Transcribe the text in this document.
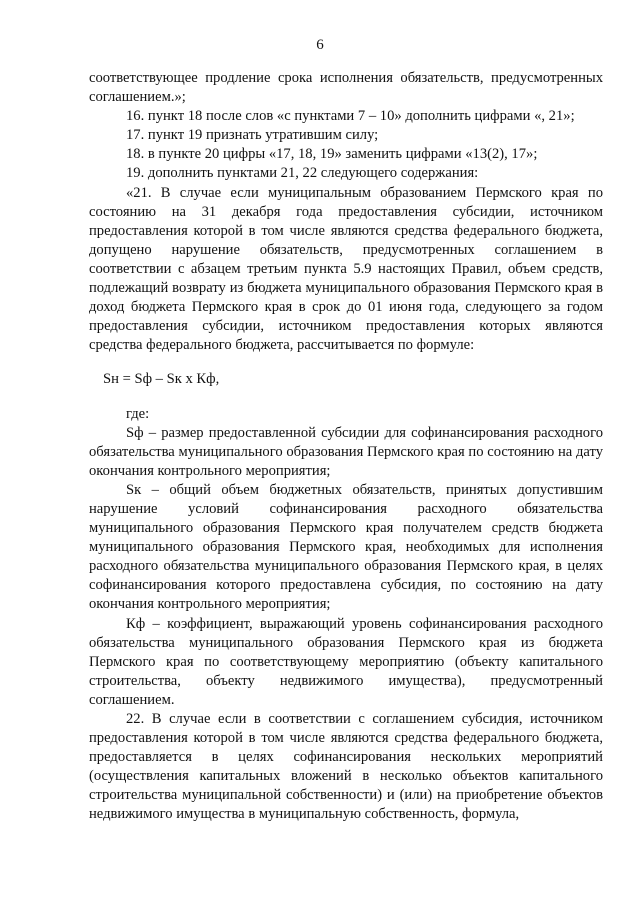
6

соответствующее продление срока исполнения обязательств, предусмотренных соглашением.»;

16. пункт 18 после слов «с пунктами 7 – 10» дополнить цифрами «, 21»;

17. пункт 19 признать утратившим силу;

18. в пункте 20 цифры «17, 18, 19» заменить цифрами «13(2), 17»;

19. дополнить пунктами 21, 22 следующего содержания:

«21. В случае если муниципальным образованием Пермского края по состоянию на 31 декабря года предоставления субсидии, источником предоставления которой в том числе являются средства федерального бюджета, допущено нарушение обязательств, предусмотренных соглашением в соответствии с абзацем третьим пункта 5.9 настоящих Правил, объем средств, подлежащий возврату из бюджета муниципального образования Пермского края в доход бюджета Пермского края в срок до 01 июня года, следующего за годом предоставления субсидии, источником предоставления которых являются средства федерального бюджета, рассчитывается по формуле:

Sн = Sф – Sк х Кф,

где:

Sф – размер предоставленной субсидии для софинансирования расходного обязательства муниципального образования Пермского края по состоянию на дату окончания контрольного мероприятия;

Sк – общий объем бюджетных обязательств, принятых допустившим нарушение условий софинансирования расходного обязательства муниципального образования Пермского края получателем средств бюджета муниципального образования Пермского края, необходимых для исполнения расходного обязательства муниципального образования Пермского края, в целях софинансирования которого предоставлена субсидия, по состоянию на дату окончания контрольного мероприятия;

Кф – коэффициент, выражающий уровень софинансирования расходного обязательства муниципального образования Пермского края из бюджета Пермского края по соответствующему мероприятию (объекту капитального строительства, объекту недвижимого имущества), предусмотренный соглашением.

22. В случае если в соответствии с соглашением субсидия, источником предоставления которой в том числе являются средства федерального бюджета, предоставляется в целях софинансирования нескольких мероприятий (осуществления капитальных вложений в несколько объектов капитального строительства муниципальной собственности) и (или) на приобретение объектов недвижимого имущества в муниципальную собственность, формула,
